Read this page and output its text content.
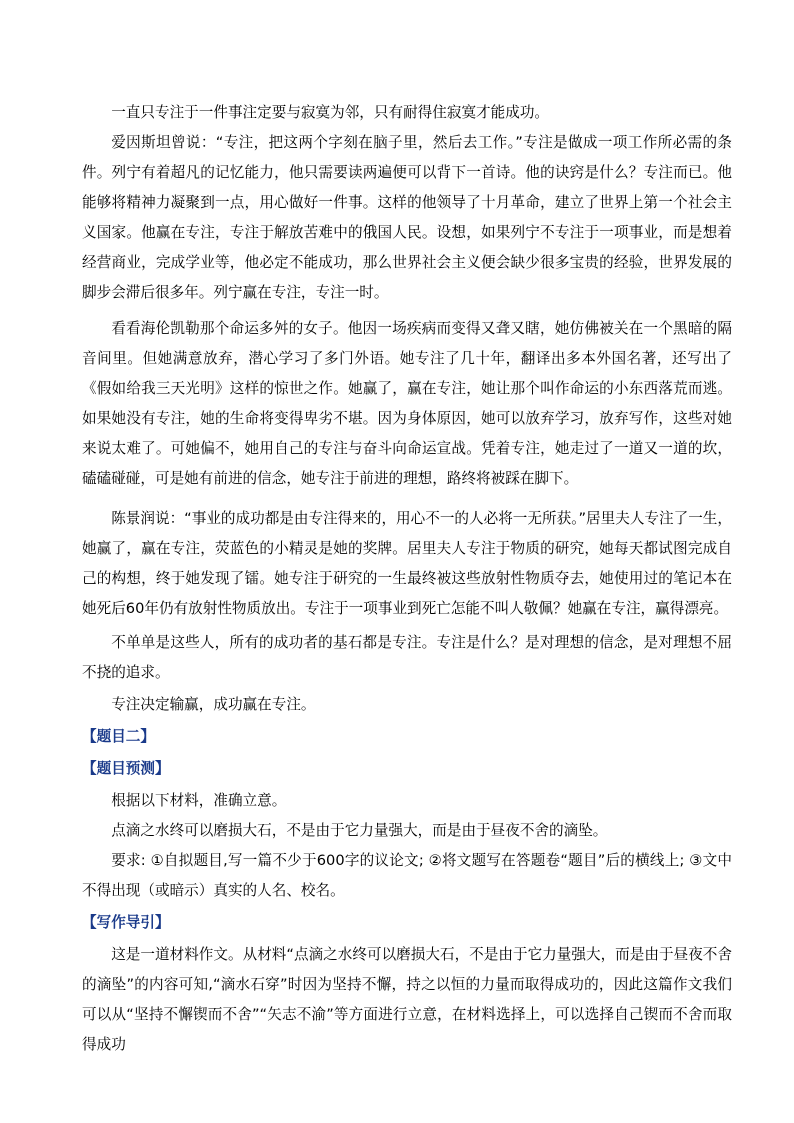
一直只专注于一件事注定要与寂寞为邻，只有耐得住寂寞才能成功。

爱因斯坦曾说：“专注，把这两个字刻在脑子里，然后去工作。”专注是做成一项工作所必需的条件。列宁有着超凡的记忆能力，他只需要读两遍便可以背下一首诗。他的诀窍是什么？专注而已。他能够将精神力凝聚到一点，用心做好一件事。这样的他领导了十月革命，建立了世界上第一个社会主义国家。他赢在专注，专注于解放苦难中的俄国人民。设想，如果列宁不专注于一项事业，而是想着经营商业，完成学业等，他必定不能成功，那么世界社会主义便会缺少很多宝贵的经验，世界发展的脚步会滞后很多年。列宁赢在专注，专注一时。

看看海伦凯勒那个命运多舛的女子。他因一场疾病而变得又聋又瞎，她仿佛被关在一个黑暗的隔音间里。但她满意放弃，潜心学习了多门外语。她专注了几十年，翻译出多本外国名著，还写出了《假如给我三天光明》这样的惊世之作。她赢了，赢在专注，她让那个叫作命运的小东西落荒而逃。如果她没有专注，她的生命将变得卑劣不堪。因为身体原因，她可以放弃学习，放弃写作，这些对她来说太难了。可她偏不，她用自己的专注与奋斗向命运宣战。凭着专注，她走过了一道又一道的坎，磕磕碰碰，可是她有前进的信念，她专注于前进的理想，路终将被踩在脚下。

陈景润说：“事业的成功都是由专注得来的，用心不一的人必将一无所获。”居里夫人专注了一生，她赢了，赢在专注，荧蓝色的小精灵是她的奖牌。居里夫人专注于物质的研究，她每天都试图完成自己的构想，终于她发现了镭。她专注于研究的一生最终被这些放射性物质夺去，她使用过的笔记本在她死后60年仍有放射性物质放出。专注于一项事业到死亡怎能不叫人敬佩？她赢在专注，赢得漂亮。

不单单是这些人，所有的成功者的基石都是专注。专注是什么？是对理想的信念，是对理想不屈不挠的追求。

专注决定输赢，成功赢在专注。

【题目二】

【题目预测】

根据以下材料，准确立意。

点滴之水终可以磨损大石，不是由于它力量强大，而是由于昼夜不舍的滴坠。

要求: ①自拟题目,写一篇不少于600字的议论文; ②将文题写在答题卷“题目”后的横线上; ③文中不得出现（或暗示）真实的人名、校名。

【写作导引】

这是一道材料作文。从材料“点滴之水终可以磨损大石，不是由于它力量强大，而是由于昼夜不舍的滴坠”的内容可知,“滴水石穿”时因为坚持不懈，持之以恒的力量而取得成功的，因此这篇作文我们可以从“坚持不懈锲而不舍”“矢志不渝”等方面进行立意，在材料选择上，可以选择自己锲而不舍而取得成功
